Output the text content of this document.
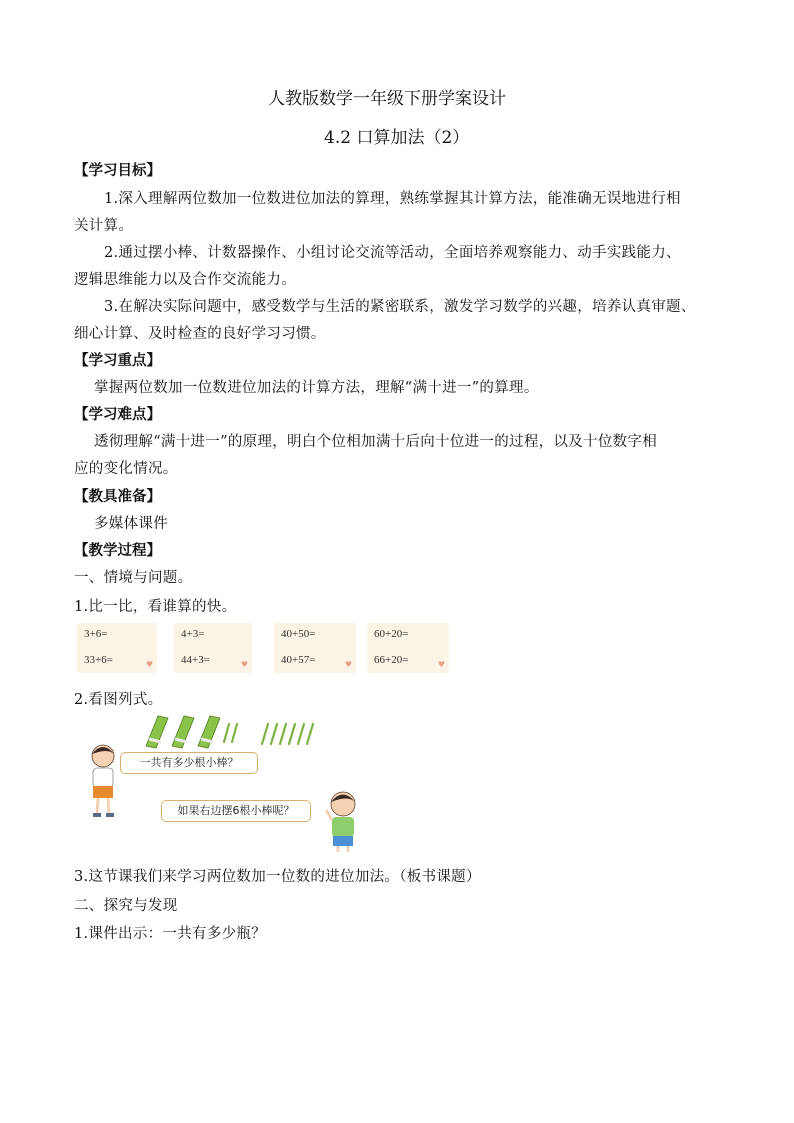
人教版数学一年级下册学案设计
4.2 口算加法（2）
【学习目标】
1.深入理解两位数加一位数进位加法的算理，熟练掌握其计算方法，能准确无误地进行相
关计算。
2.通过摆小棒、计数器操作、小组讨论交流等活动，全面培养观察能力、动手实践能力、
逻辑思维能力以及合作交流能力。
3.在解决实际问题中，感受数学与生活的紧密联系，激发学习数学的兴趣，培养认真审题、
细心计算、及时检查的良好学习习惯。
【学习重点】
掌握两位数加一位数进位加法的计算方法，理解“满十进一”的算理。
【学习难点】
透彻理解“满十进一”的原理，明白个位相加满十后向十位进一的过程，以及十位数字相
应的变化情况。
【教具准备】
多媒体课件
【教学过程】
一、情境与问题。
1.比一比，看谁算的快。
3+6=
33+6=	♥
4+3=
44+3=	♥
40+50=
40+57=	♥
60+20=
66+20=	♥
2.看图列式。
一共有多少根小棒？
如果右边摆6根小棒呢？
3.这节课我们来学习两位数加一位数的进位加法。（板书课题）
二、探究与发现
1.课件出示：一共有多少瓶？
